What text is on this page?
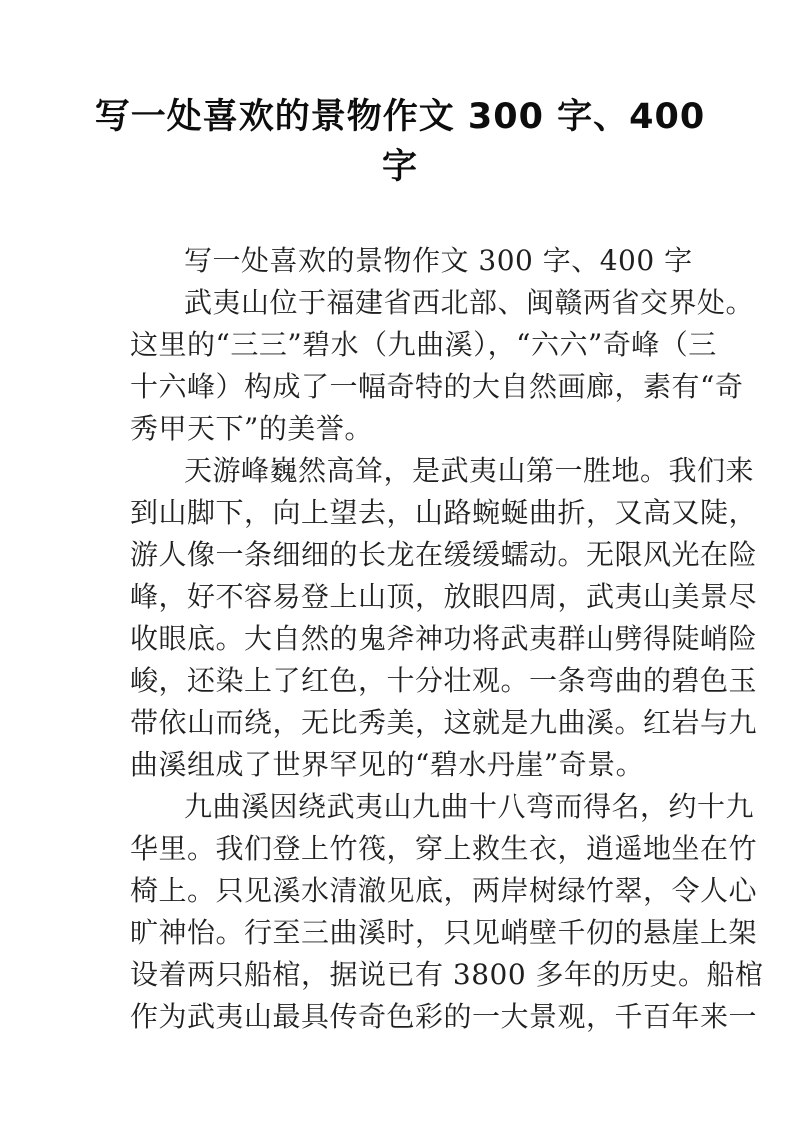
写一处喜欢的景物作文 300 字、400
字
写一处喜欢的景物作文 300 字、400 字
武夷山位于福建省西北部、闽赣两省交界处。
这里的“三三”碧水（九曲溪），“六六”奇峰（三
十六峰）构成了一幅奇特的大自然画廊，素有“奇
秀甲天下”的美誉。
天游峰巍然高耸，是武夷山第一胜地。我们来
到山脚下，向上望去，山路蜿蜒曲折，又高又陡，
游人像一条细细的长龙在缓缓蠕动。无限风光在险
峰，好不容易登上山顶，放眼四周，武夷山美景尽
收眼底。大自然的鬼斧神功将武夷群山劈得陡峭险
峻，还染上了红色，十分壮观。一条弯曲的碧色玉
带依山而绕，无比秀美，这就是九曲溪。红岩与九
曲溪组成了世界罕见的“碧水丹崖”奇景。
九曲溪因绕武夷山九曲十八弯而得名，约十九
华里。我们登上竹筏，穿上救生衣，逍遥地坐在竹
椅上。只见溪水清澈见底，两岸树绿竹翠，令人心
旷神怡。行至三曲溪时，只见峭壁千仞的悬崖上架
设着两只船棺，据说已有 3800 多年的历史。船棺
作为武夷山最具传奇色彩的一大景观，千百年来一
